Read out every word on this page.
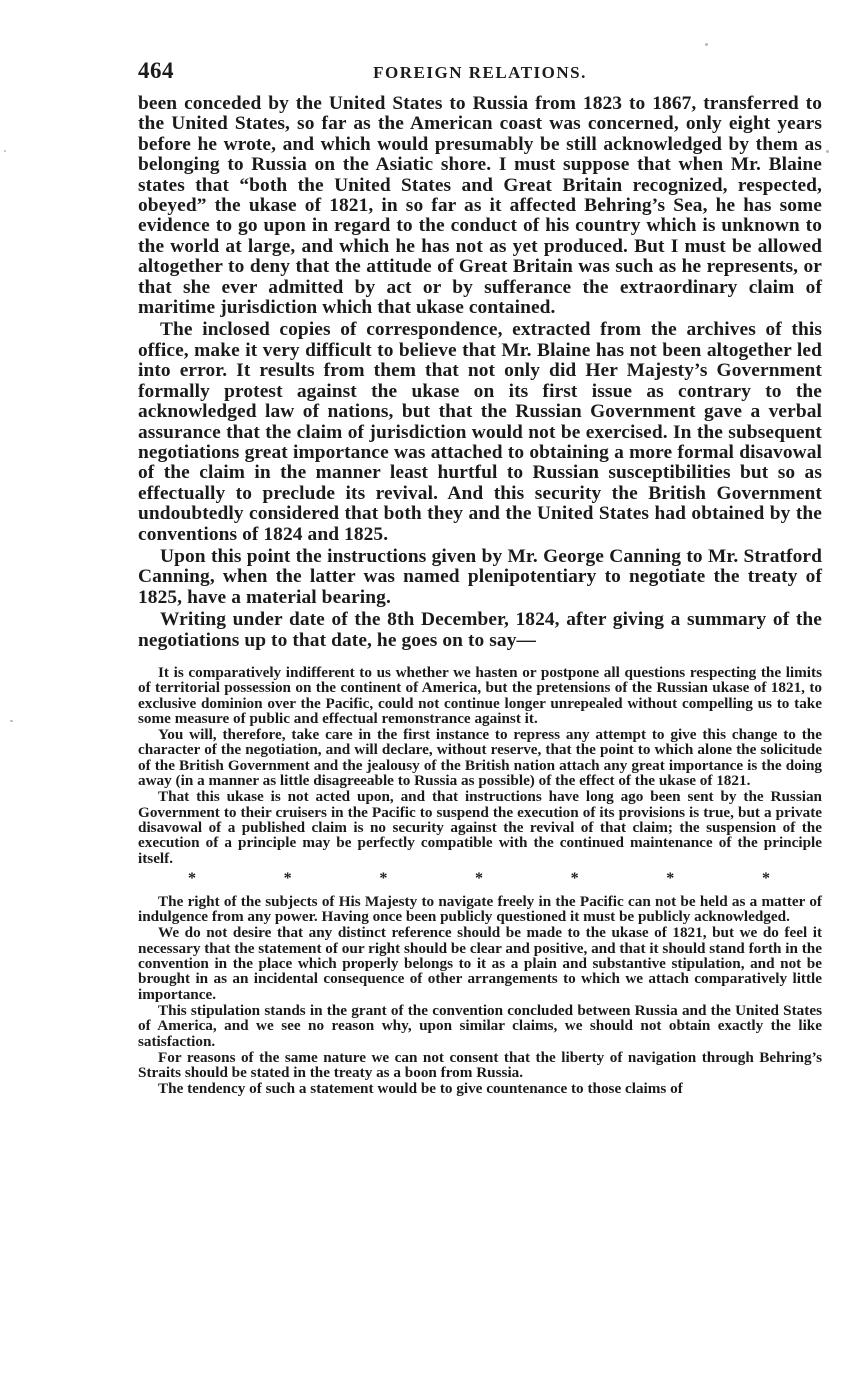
464	FOREIGN RELATIONS.

been conceded by the United States to Russia from 1823 to 1867, transferred to the United States, so far as the American coast was concerned, only eight years before he wrote, and which would presumably be still acknowledged by them as belonging to Russia on the Asiatic shore. I must suppose that when Mr. Blaine states that “both the United States and Great Britain recognized, respected, obeyed” the ukase of 1821, in so far as it affected Behring’s Sea, he has some evidence to go upon in regard to the conduct of his country which is unknown to the world at large, and which he has not as yet produced. But I must be allowed altogether to deny that the attitude of Great Britain was such as he represents, or that she ever admitted by act or by sufferance the extraordinary claim of maritime jurisdiction which that ukase contained.

The inclosed copies of correspondence, extracted from the archives of this office, make it very difficult to believe that Mr. Blaine has not been altogether led into error. It results from them that not only did Her Majesty’s Government formally protest against the ukase on its first issue as contrary to the acknowledged law of nations, but that the Russian Government gave a verbal assurance that the claim of jurisdiction would not be exercised. In the subsequent negotiations great importance was attached to obtaining a more formal disavowal of the claim in the manner least hurtful to Russian susceptibilities but so as effectually to preclude its revival. And this security the British Government undoubtedly considered that both they and the United States had obtained by the conventions of 1824 and 1825.

Upon this point the instructions given by Mr. George Canning to Mr. Stratford Canning, when the latter was named plenipotentiary to negotiate the treaty of 1825, have a material bearing.

Writing under date of the 8th December, 1824, after giving a summary of the negotiations up to that date, he goes on to say—

It is comparatively indifferent to us whether we hasten or postpone all questions respecting the limits of territorial possession on the continent of America, but the pretensions of the Russian ukase of 1821, to exclusive dominion over the Pacific, could not continue longer unrepealed without compelling us to take some measure of public and effectual remonstrance against it.

You will, therefore, take care in the first instance to repress any attempt to give this change to the character of the negotiation, and will declare, without reserve, that the point to which alone the solicitude of the British Government and the jealousy of the British nation attach any great importance is the doing away (in a manner as little disagreeable to Russia as possible) of the effect of the ukase of 1821.

That this ukase is not acted upon, and that instructions have long ago been sent by the Russian Government to their cruisers in the Pacific to suspend the execution of its provisions is true, but a private disavowal of a published claim is no security against the revival of that claim; the suspension of the execution of a principle may be perfectly compatible with the continued maintenance of the principle itself.

*	*	*	*	*	*	*

The right of the subjects of His Majesty to navigate freely in the Pacific can not be held as a matter of indulgence from any power. Having once been publicly questioned it must be publicly acknowledged.

We do not desire that any distinct reference should be made to the ukase of 1821, but we do feel it necessary that the statement of our right should be clear and positive, and that it should stand forth in the convention in the place which properly belongs to it as a plain and substantive stipulation, and not be brought in as an incidental consequence of other arrangements to which we attach comparatively little importance.

This stipulation stands in the grant of the convention concluded between Russia and the United States of America, and we see no reason why, upon similar claims, we should not obtain exactly the like satisfaction.

For reasons of the same nature we can not consent that the liberty of navigation through Behring’s Straits should be stated in the treaty as a boon from Russia.

The tendency of such a statement would be to give countenance to those claims of
